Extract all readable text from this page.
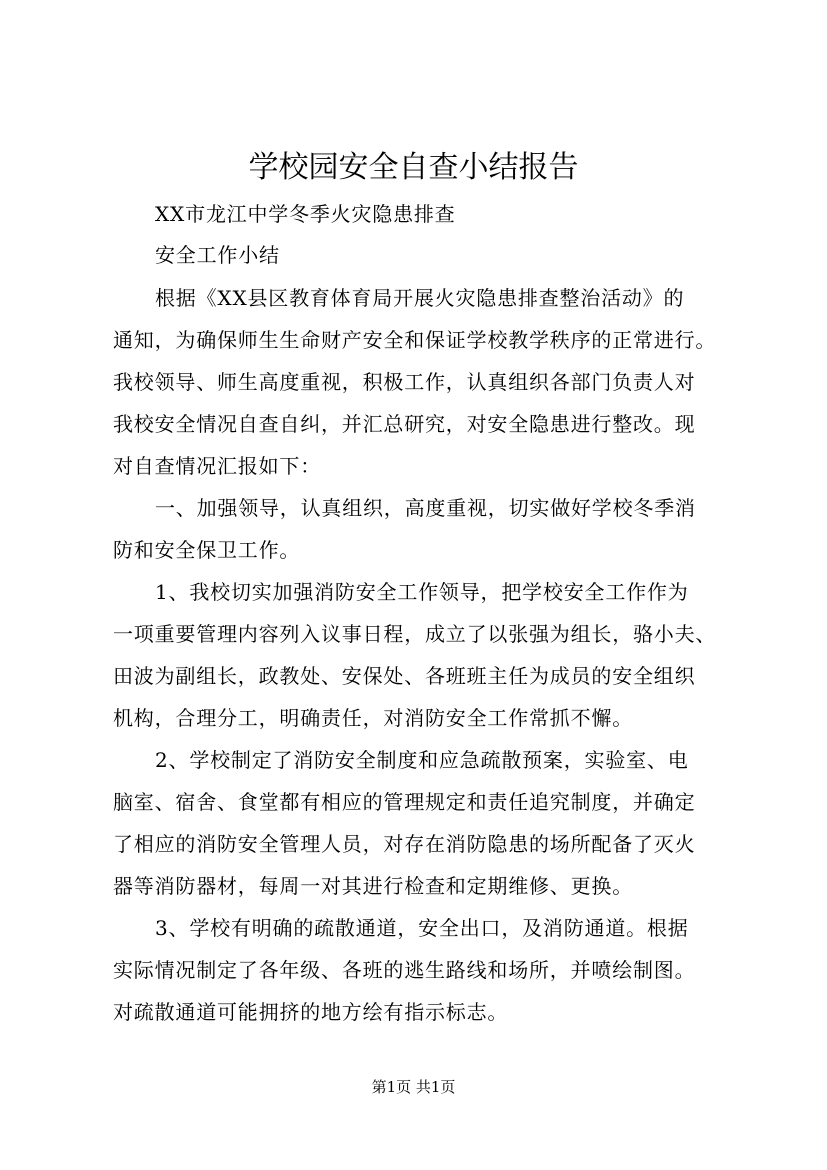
学校园安全自查小结报告
XX市龙江中学冬季火灾隐患排查
安全工作小结
根据《XX县区教育体育局开展火灾隐患排查整治活动》的
通知，为确保师生生命财产安全和保证学校教学秩序的正常进行。
我校领导、师生高度重视，积极工作，认真组织各部门负责人对
我校安全情况自查自纠，并汇总研究，对安全隐患进行整改。现
对自查情况汇报如下：
一、加强领导，认真组织，高度重视，切实做好学校冬季消
防和安全保卫工作。
1、我校切实加强消防安全工作领导，把学校安全工作作为
一项重要管理内容列入议事日程，成立了以张强为组长，骆小夫、
田波为副组长，政教处、安保处、各班班主任为成员的安全组织
机构，合理分工，明确责任，对消防安全工作常抓不懈。
2、学校制定了消防安全制度和应急疏散预案，实验室、电
脑室、宿舍、食堂都有相应的管理规定和责任追究制度，并确定
了相应的消防安全管理人员，对存在消防隐患的场所配备了灭火
器等消防器材，每周一对其进行检查和定期维修、更换。
3、学校有明确的疏散通道，安全出口，及消防通道。根据
实际情况制定了各年级、各班的逃生路线和场所，并喷绘制图。
对疏散通道可能拥挤的地方绘有指示标志。
第1页 共1页
